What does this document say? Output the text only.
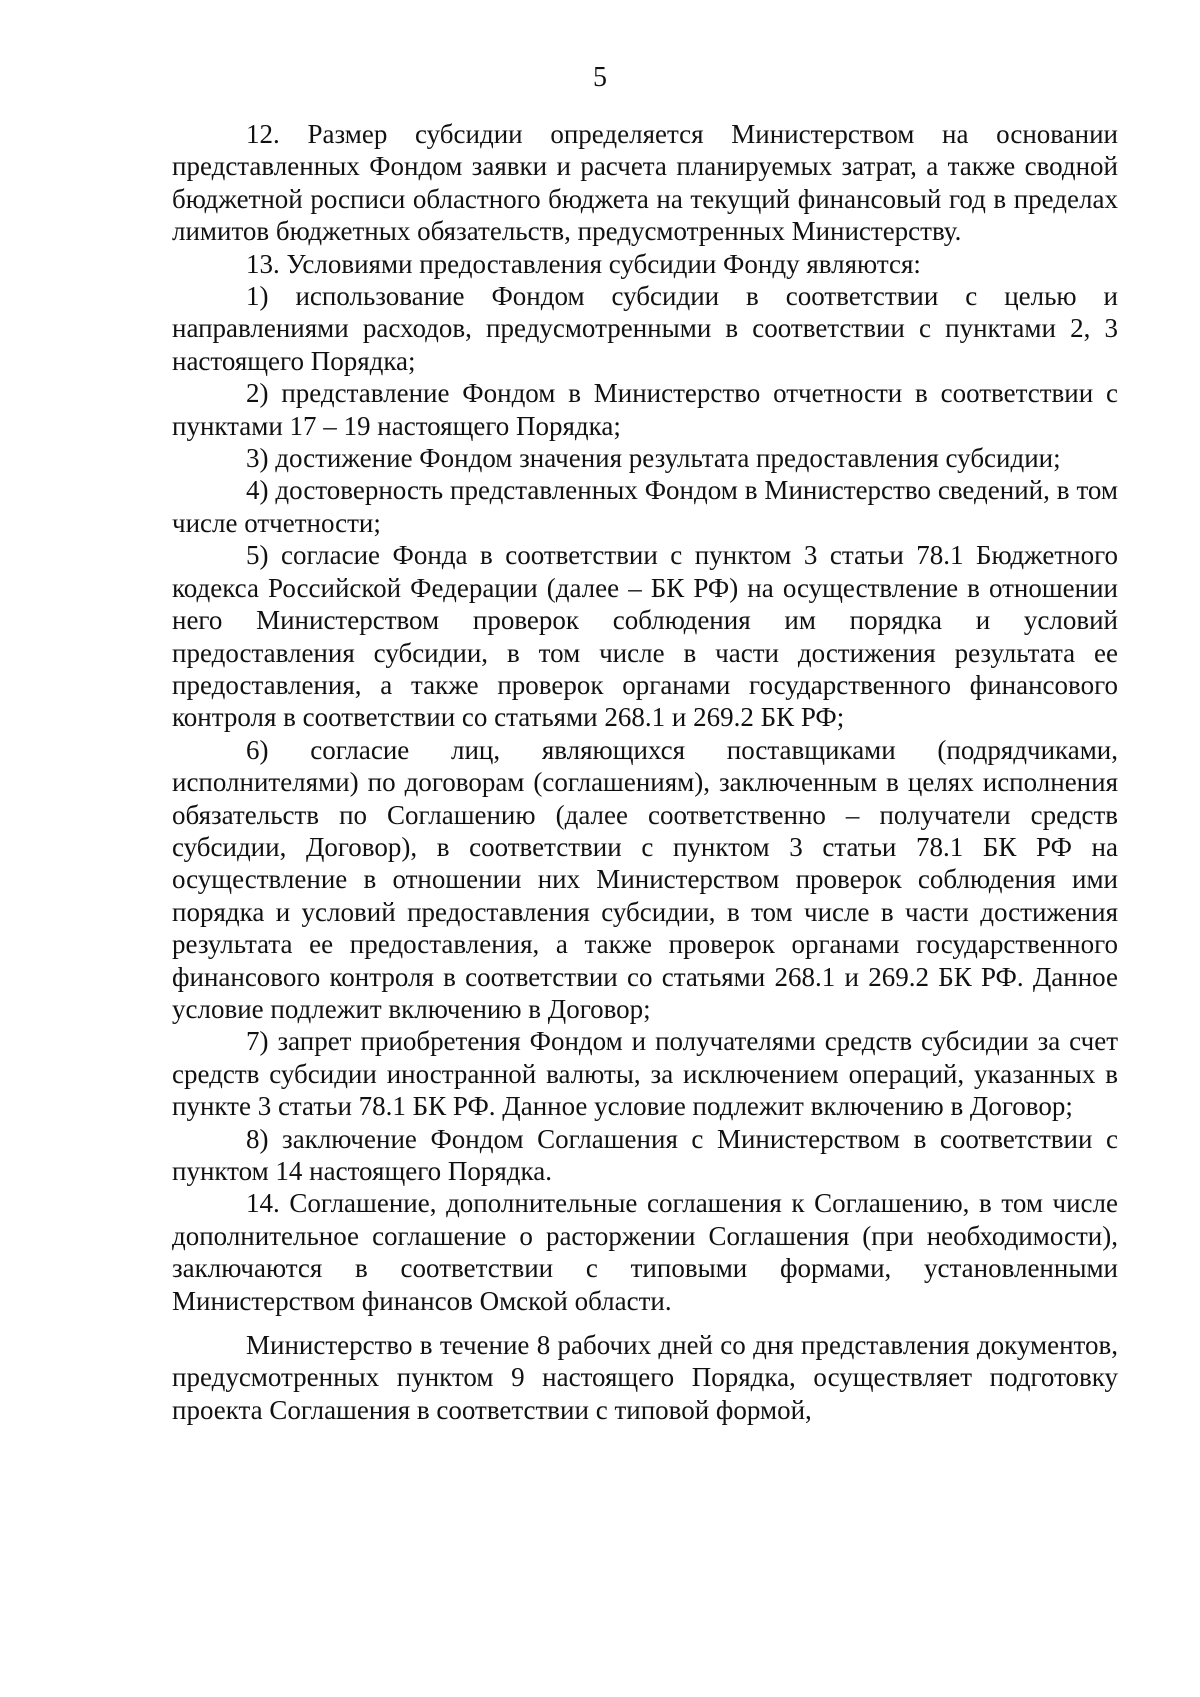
5

12. Размер субсидии определяется Министерством на основании представленных Фондом заявки и расчета планируемых затрат, а также сводной бюджетной росписи областного бюджета на текущий финансовый год в пределах лимитов бюджетных обязательств, предусмотренных Министерству.

13. Условиями предоставления субсидии Фонду являются:

1) использование Фондом субсидии в соответствии с целью и направлениями расходов, предусмотренными в соответствии с пунктами 2, 3 настоящего Порядка;

2) представление Фондом в Министерство отчетности в соответствии с пунктами 17 – 19 настоящего Порядка;

3) достижение Фондом значения результата предоставления субсидии;

4) достоверность представленных Фондом в Министерство сведений, в том числе отчетности;

5) согласие Фонда в соответствии с пунктом 3 статьи 78.1 Бюджетного кодекса Российской Федерации (далее – БК РФ) на осуществление в отношении него Министерством проверок соблюдения им порядка и условий предоставления субсидии, в том числе в части достижения результата ее предоставления, а также проверок органами государственного финансового контроля в соответствии со статьями 268.1 и 269.2 БК РФ;

6) согласие лиц, являющихся поставщиками (подрядчиками, исполнителями) по договорам (соглашениям), заключенным в целях исполнения обязательств по Соглашению (далее соответственно – получатели средств субсидии, Договор), в соответствии с пунктом 3 статьи 78.1 БК РФ на осуществление в отношении них Министерством проверок соблюдения ими порядка и условий предоставления субсидии, в том числе в части достижения результата ее предоставления, а также проверок органами государственного финансового контроля в соответствии со статьями 268.1 и 269.2 БК РФ. Данное условие подлежит включению в Договор;

7) запрет приобретения Фондом и получателями средств субсидии за счет средств субсидии иностранной валюты, за исключением операций, указанных в пункте 3 статьи 78.1 БК РФ. Данное условие подлежит включению в Договор;

8) заключение Фондом Соглашения с Министерством в соответствии с пунктом 14 настоящего Порядка.

14. Соглашение, дополнительные соглашения к Соглашению, в том числе дополнительное соглашение о расторжении Соглашения (при необходимости), заключаются в соответствии с типовыми формами, установленными Министерством финансов Омской области.

Министерство в течение 8 рабочих дней со дня представления документов, предусмотренных пунктом 9 настоящего Порядка, осуществляет подготовку проекта Соглашения в соответствии с типовой формой,
